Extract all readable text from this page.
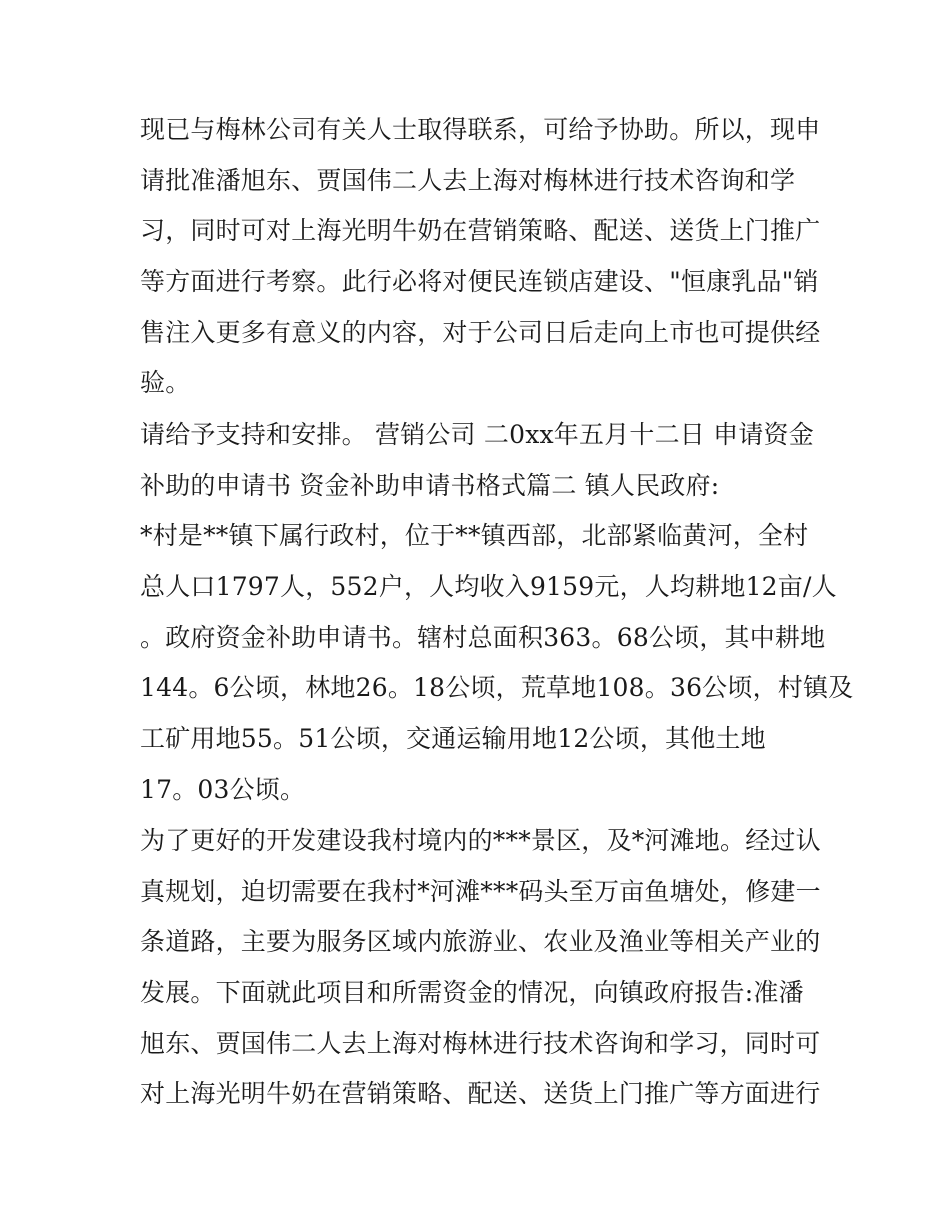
现已与梅林公司有关人士取得联系，可给予协助。所以，现申
请批准潘旭东、贾国伟二人去上海对梅林进行技术咨询和学
习，同时可对上海光明牛奶在营销策略、配送、送货上门推广
等方面进行考察。此行必将对便民连锁店建设、"恒康乳品"销
售注入更多有意义的内容，对于公司日后走向上市也可提供经
验。
请给予支持和安排。 营销公司 二0xx年五月十二日 申请资金
补助的申请书 资金补助申请书格式篇二 镇人民政府:
*村是**镇下属行政村，位于**镇西部，北部紧临黄河，全村
总人口1797人，552户，人均收入9159元，人均耕地12亩/人
。政府资金补助申请书。辖村总面积363。68公顷，其中耕地
144。6公顷，林地26。18公顷，荒草地108。36公顷，村镇及
工矿用地55。51公顷，交通运输用地12公顷，其他土地
17。03公顷。
为了更好的开发建设我村境内的***景区，及*河滩地。经过认
真规划，迫切需要在我村*河滩***码头至万亩鱼塘处，修建一
条道路，主要为服务区域内旅游业、农业及渔业等相关产业的
发展。下面就此项目和所需资金的情况，向镇政府报告:准潘
旭东、贾国伟二人去上海对梅林进行技术咨询和学习，同时可
对上海光明牛奶在营销策略、配送、送货上门推广等方面进行
